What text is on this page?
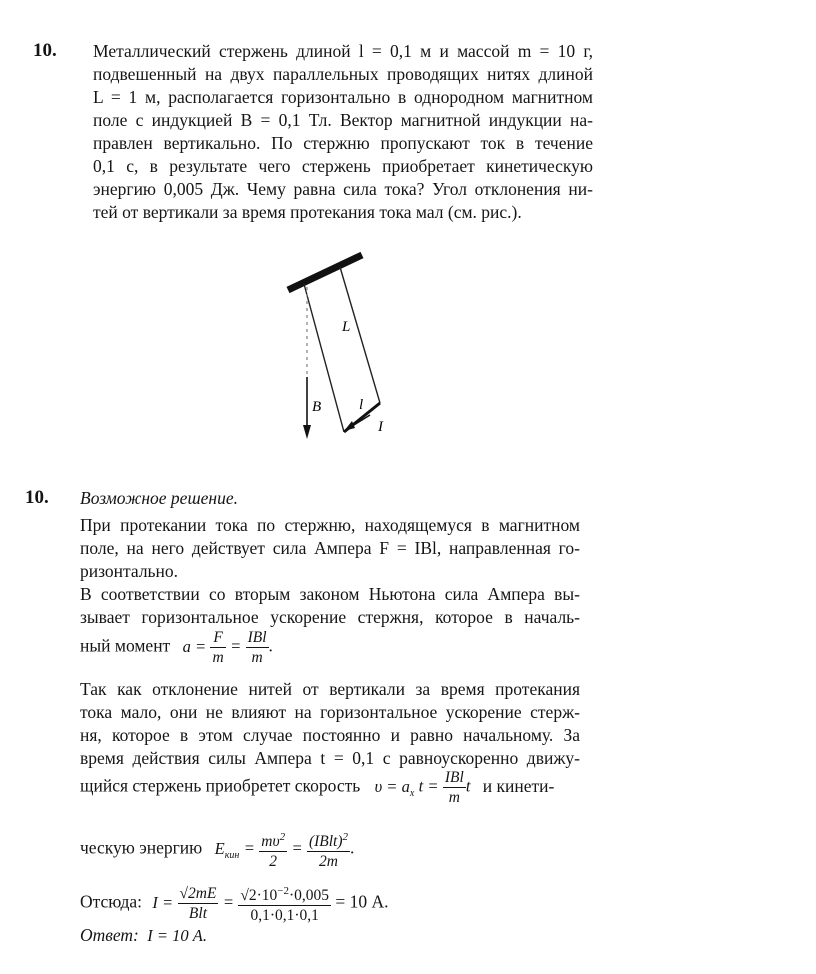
10. Металлический стержень длиной l = 0,1 м и массой m = 10 г,
подвешенный на двух параллельных проводящих нитях длиной
L = 1 м, располагается горизонтально в однородном магнитном
поле с индукцией B = 0,1 Тл. Вектор магнитной индукции на-
правлен вертикально. По стержню пропускают ток в течение
0,1 с, в результате чего стержень приобретает кинетическую
энергию 0,005 Дж. Чему равна сила тока? Угол отклонения ни-
тей от вертикали за время протекания тока мал (см. рис.).
L
B	l
I
10. Возможное решение.
При протекании тока по стержню, находящемуся в магнитном
поле, на него действует сила Ампера F = IBl, направленная го-
ризонтально.
В соответствии со вторым законом Ньютона сила Ампера вы-
зывает горизонтальное ускорение стержня, которое в началь-
ный момент $a = \frac{F}{m} = \frac{\text{IBl}}{m}$ .
Так как отклонение нитей от вертикали за время протекания
тока мало, они не влияют на горизонтальное ускорение стерж-
ня, которое в этом случае постоянно и равно начальному. За
время действия силы Ампера t = 0,1 с равноускоренно движу-
щийся стержень приобретет скорость $\upsilon = a_x$ $t = \frac{\text{IBl}}{m}$ t и кинети-
ческую энергию $E_{кин} = \frac{m\upsilon^2}{2} = \frac{(IBlt)^2}{2m}$ .
Отсюда: $I = \frac{√2mE}{\text{Blt}} = \frac{√2\cdot 10^{-2}\cdot 0,005}{0,1\cdot 0,1\cdot 0,1} = 10$ А.
Ответ: I = 10 А.
